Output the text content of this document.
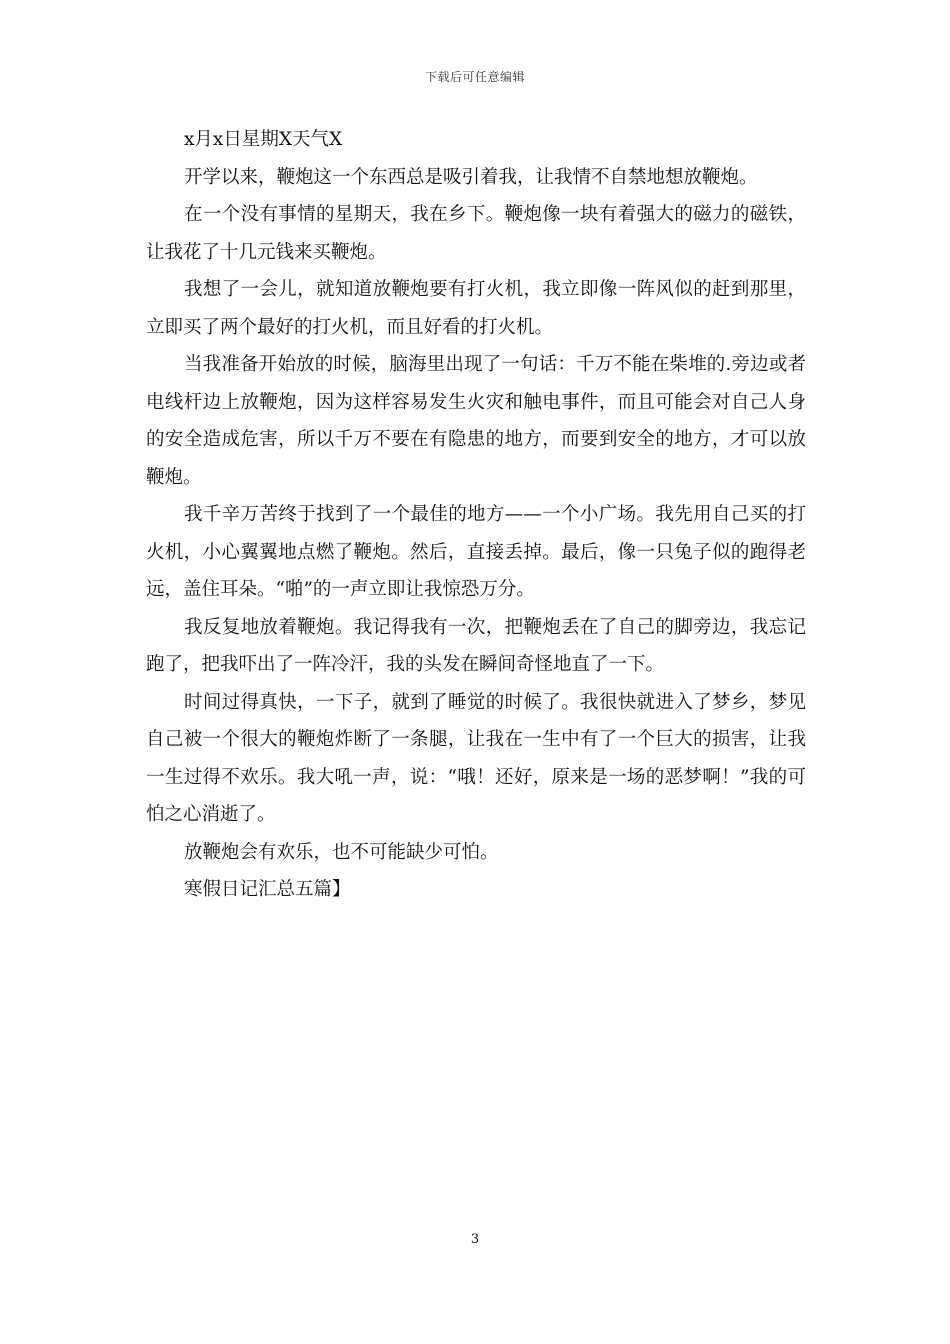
下载后可任意编辑

x月x日星期X天气X

开学以来，鞭炮这一个东西总是吸引着我，让我情不自禁地想放鞭炮。

在一个没有事情的星期天，我在乡下。鞭炮像一块有着强大的磁力的磁铁，让我花了十几元钱来买鞭炮。

我想了一会儿，就知道放鞭炮要有打火机，我立即像一阵风似的赶到那里，立即买了两个最好的打火机，而且好看的打火机。

当我准备开始放的时候，脑海里出现了一句话：千万不能在柴堆的.旁边或者电线杆边上放鞭炮，因为这样容易发生火灾和触电事件，而且可能会对自己人身的安全造成危害，所以千万不要在有隐患的地方，而要到安全的地方，才可以放鞭炮。

我千辛万苦终于找到了一个最佳的地方——一个小广场。我先用自己买的打火机，小心翼翼地点燃了鞭炮。然后，直接丢掉。最后，像一只兔子似的跑得老远，盖住耳朵。“啪”的一声立即让我惊恐万分。

我反复地放着鞭炮。我记得我有一次，把鞭炮丢在了自己的脚旁边，我忘记跑了，把我吓出了一阵冷汗，我的头发在瞬间奇怪地直了一下。

时间过得真快，一下子，就到了睡觉的时候了。我很快就进入了梦乡，梦见自己被一个很大的鞭炮炸断了一条腿，让我在一生中有了一个巨大的损害，让我一生过得不欢乐。我大吼一声，说：“哦！还好，原来是一场的恶梦啊！”我的可怕之心消逝了。

放鞭炮会有欢乐，也不可能缺少可怕。

寒假日记汇总五篇】

3
